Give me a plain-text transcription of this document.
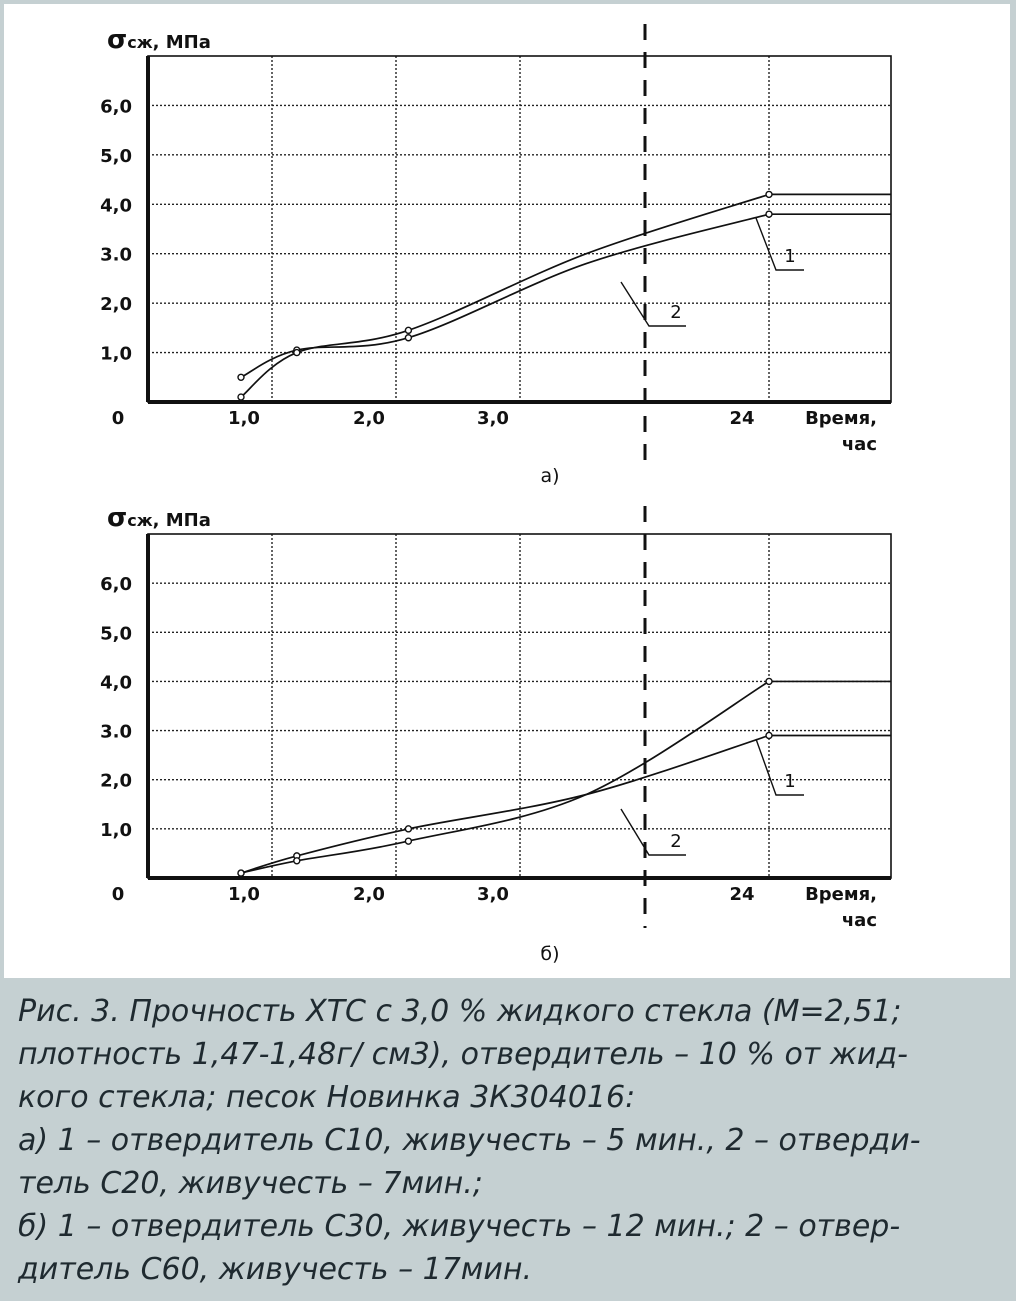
1,0
2,0
3.0
4,0
5,0
6,0
0	1,0	2,0	3,0	24	Время,
час
σсж, МПа
а)
1
2
1,0
2,0
3.0
4,0
5,0
6,0
0	1,0	2,0	3,0	24	Время,
час
σсж, МПа
б)
1
2
Рис. 3. Прочность ХТС с 3,0 % жидкого стекла (М=2,51;
плотность 1,47-1,48г/ см3), отвердитель – 10 % от жид-
кого стекла; песок Новинка 3К304016:
а) 1 – отвердитель С10, живучесть – 5 мин., 2 – отверди-
тель С20, живучесть – 7мин.;
б) 1 – отвердитель С30, живучесть – 12 мин.; 2 – отвер-
дитель С60, живучесть – 17мин.
